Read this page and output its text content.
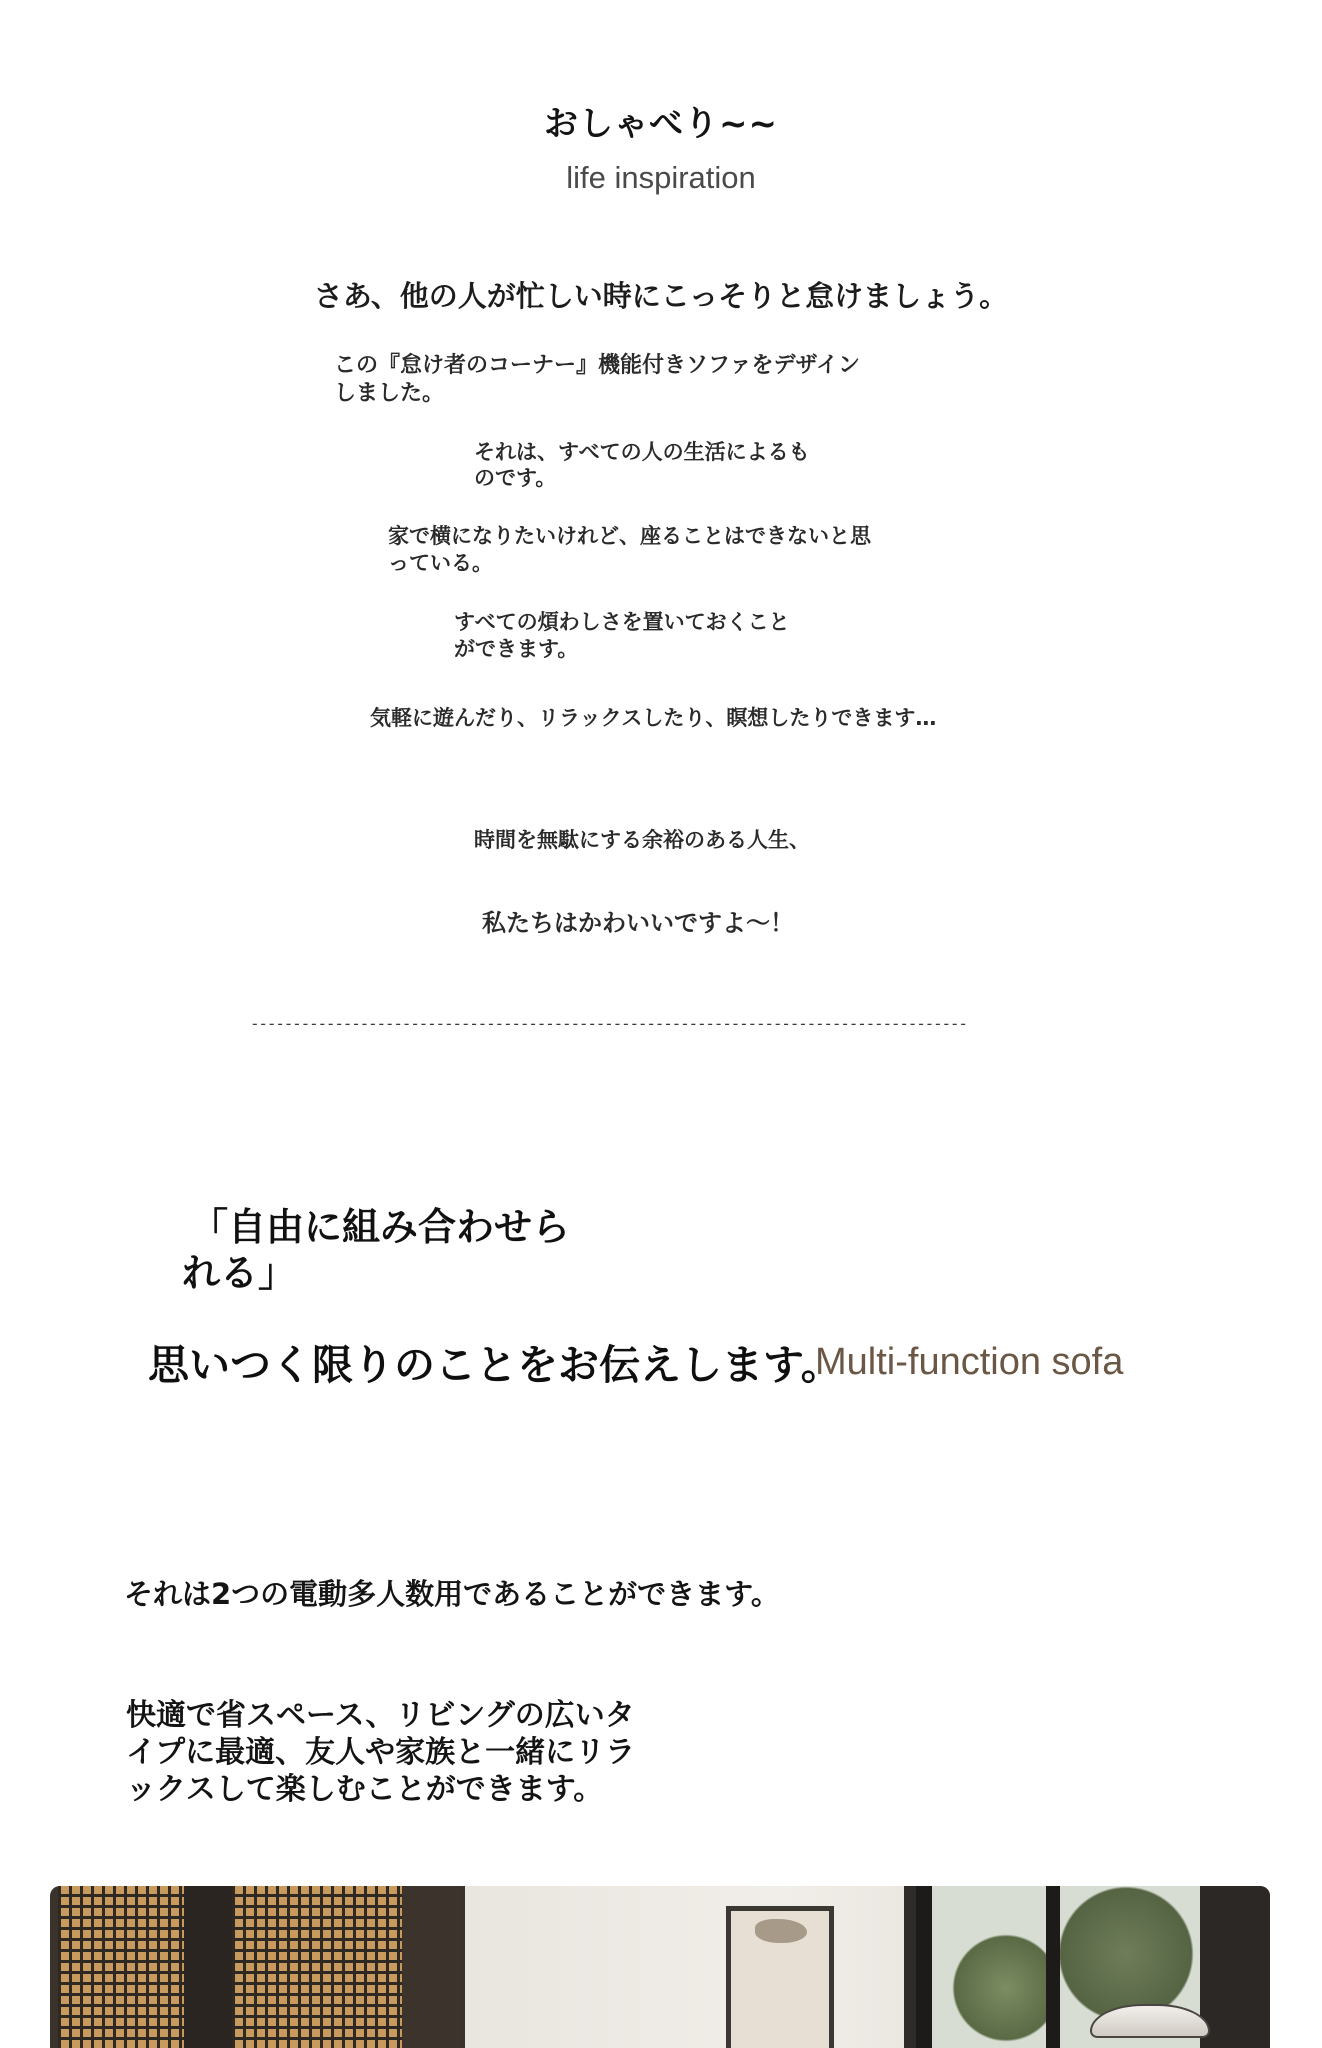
おしゃべり~~
life inspiration
さあ、他の人が忙しい時にこっそりと怠けましょう。
この『怠け者のコーナー』機能付きソファをデザイン
しました。
それは、すべての人の生活によるも
のです。
家で横になりたいけれど、座ることはできないと思
っている。
すべての煩わしさを置いておくこと
ができます。
気軽に遊んだり、リラックスしたり、瞑想したりできます…
時間を無駄にする余裕のある人生、
私たちはかわいいですよ～！
-------------------------------------------------------------------------------------
「自由に組み合わせら
れる」
Multi-function sofa
思いつく限りのことをお伝えします。
それは2つの電動多人数用であることができます。
快適で省スペース、リビングの広いタ
イプに最適、友人や家族と一緒にリラ
ックスして楽しむことができます。
